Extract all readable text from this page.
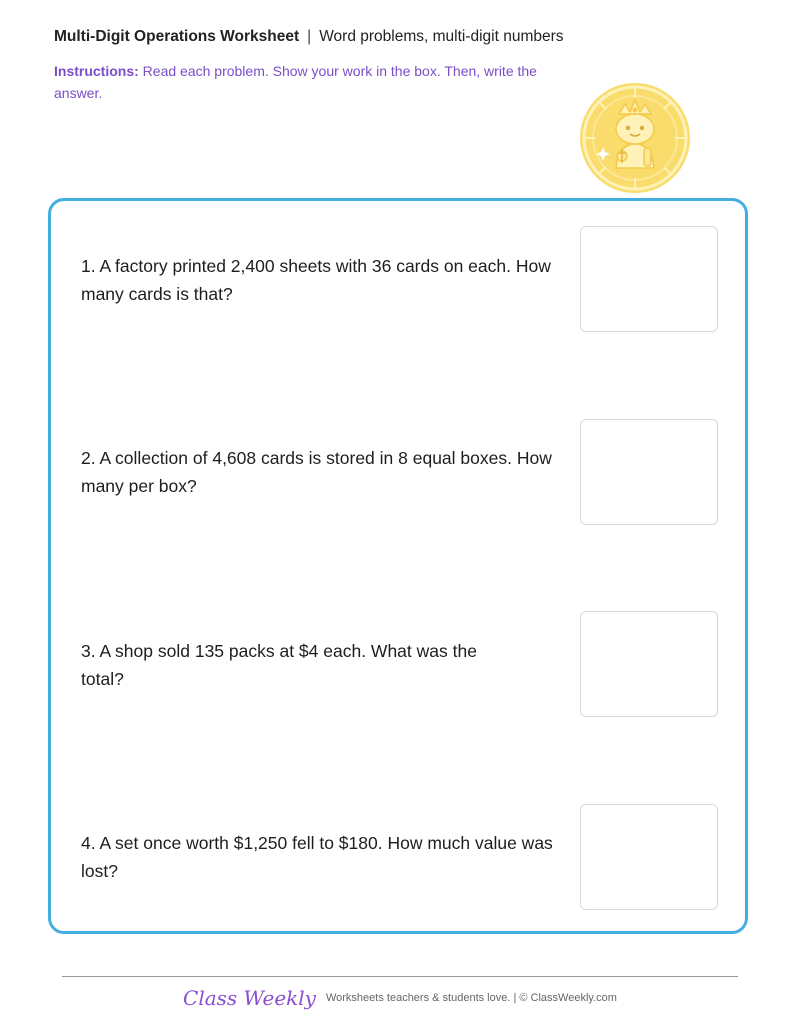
Multi-Digit Operations Worksheet | Word problems, multi-digit numbers
Instructions: Read each problem. Show your work in the box. Then, write the answer.
1. A factory printed 2,400 sheets with 36 cards on each. How many cards is that?
2. A collection of 4,608 cards is stored in 8 equal boxes. How many per box?
3. A shop sold 135 packs at $4 each. What was the total?
4. A set once worth $1,250 fell to $180. How much value was lost?
Class Weekly Worksheets teachers & students love. | © ClassWeekly.com
